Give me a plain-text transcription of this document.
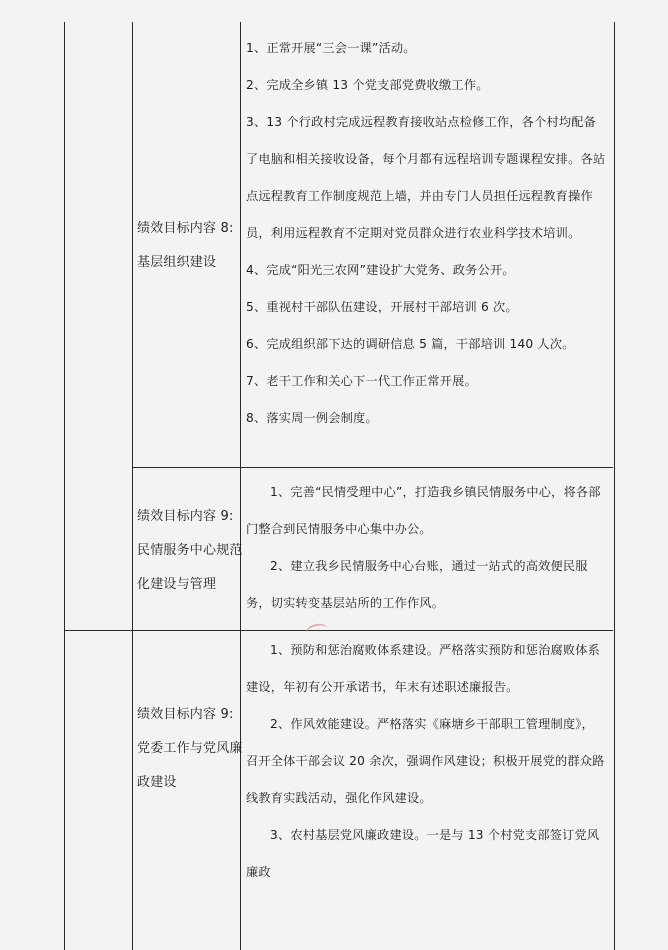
绩效目标内容 8:
基层组织建设

1、正常开展“三会一课”活动。

2、完成全乡镇 13 个党支部党费收缴工作。

3、13 个行政村完成远程教育接收站点检修工作，各个村均配备了电脑和相关接收设备，每个月都有远程培训专题课程安排。各站点远程教育工作制度规范上墙，并由专门人员担任远程教育操作员，利用远程教育不定期对党员群众进行农业科学技术培训。

4、完成“阳光三农网”建设扩大党务、政务公开。

5、重视村干部队伍建设，开展村干部培训 6 次。

6、完成组织部下达的调研信息 5 篇，干部培训 140 人次。

7、老干工作和关心下一代工作正常开展。

8、落实周一例会制度。

绩效目标内容 9:
民情服务中心规范
化建设与管理

1、完善“民情受理中心”，打造我乡镇民情服务中心，将各部门整合到民情服务中心集中办公。

2、建立我乡民情服务中心台账，通过一站式的高效便民服务，切实转变基层站所的工作作风。

绩效目标内容 9:
党委工作与党风廉
政建设

1、预防和惩治腐败体系建设。严格落实预防和惩治腐败体系建设，年初有公开承诺书，年末有述职述廉报告。

2、作风效能建设。严格落实《麻塘乡干部职工管理制度》，召开全体干部会议 20 余次，强调作风建设；积极开展党的群众路线教育实践活动，强化作风建设。

3、农村基层党风廉政建设。一是与 13 个村党支部签订党风廉政
